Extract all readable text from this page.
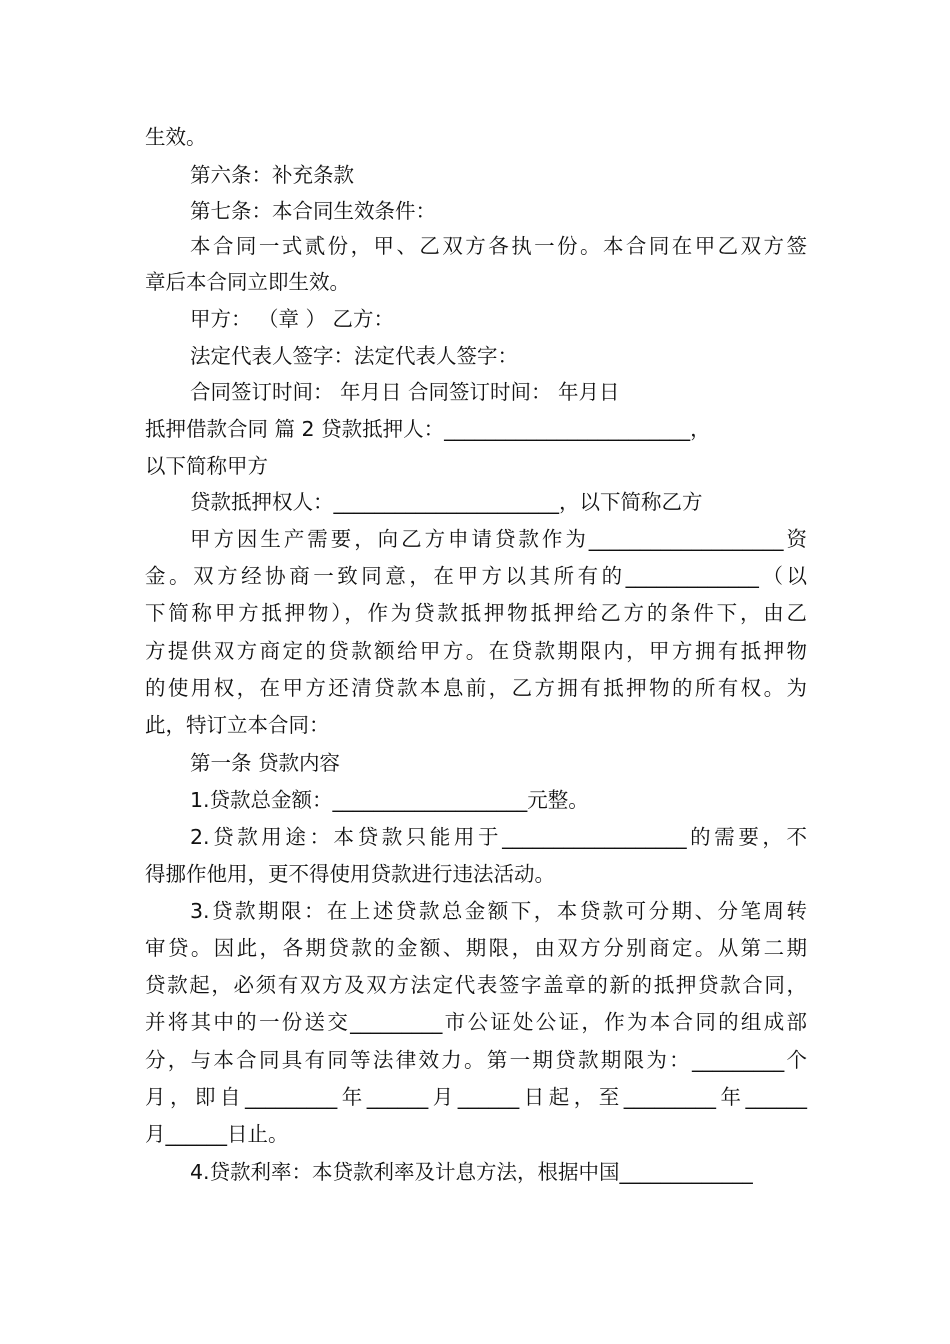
生效。
第六条：补充条款
第七条：本合同生效条件：
本合同一式贰份，甲、乙双方各执一份。本合同在甲乙双方签
章后本合同立即生效。
甲方： （章 ） 乙方：
法定代表人签字：法定代表人签字：
合同签订时间： 年月日 合同签订时间： 年月日
抵押借款合同 篇 2 贷款抵押人：________________________，
以下简称甲方
贷款抵押权人：______________________，以下简称乙方
甲方因生产需要，向乙方申请贷款作为___________________资
金。双方经协商一致同意，在甲方以其所有的_____________（以
下简称甲方抵押物），作为贷款抵押物抵押给乙方的条件下，由乙
方提供双方商定的贷款额给甲方。在贷款期限内，甲方拥有抵押物
的使用权，在甲方还清贷款本息前，乙方拥有抵押物的所有权。为
此，特订立本合同：
第一条 贷款内容
1.贷款总金额：___________________元整。
2.贷款用途：本贷款只能用于__________________的需要，不
得挪作他用，更不得使用贷款进行违法活动。
3.贷款期限：在上述贷款总金额下，本贷款可分期、分笔周转
审贷。因此，各期贷款的金额、期限，由双方分别商定。从第二期
贷款起，必须有双方及双方法定代表签字盖章的新的抵押贷款合同，
并将其中的一份送交_________市公证处公证，作为本合同的组成部
分，与本合同具有同等法律效力。第一期贷款期限为：_________个
月，即自_________年______月______日起，至_________年______
月______日止。
4.贷款利率：本贷款利率及计息方法，根据中国_____________
